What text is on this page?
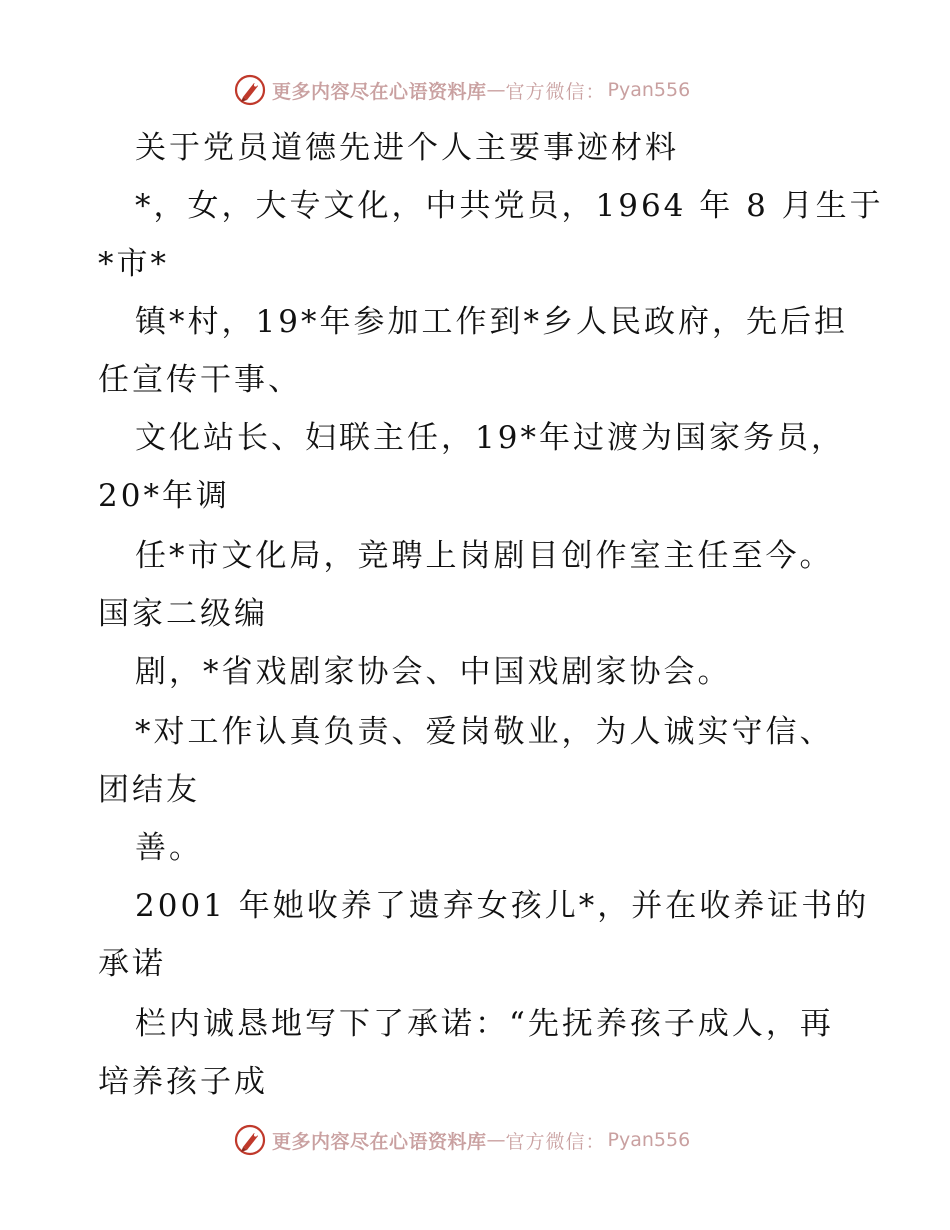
更多内容尽在心语资料库 — 官方微信： Pyan556
关于党员道德先进个人主要事迹材料
*，女，大专文化，中共党员，1964 年 8 月生于
*市*
镇*村，19*年参加工作到*乡人民政府，先后担
任宣传干事、
文化站长、妇联主任，19*年过渡为国家务员，
20*年调
任*市文化局，竞聘上岗剧目创作室主任至今。
国家二级编
剧，*省戏剧家协会、中国戏剧家协会。
*对工作认真负责、爱岗敬业，为人诚实守信、
团结友
善。
2001 年她收养了遗弃女孩儿*，并在收养证书的
承诺
栏内诚恳地写下了承诺：“先抚养孩子成人，再
培养孩子成
更多内容尽在心语资料库 — 官方微信： Pyan556
